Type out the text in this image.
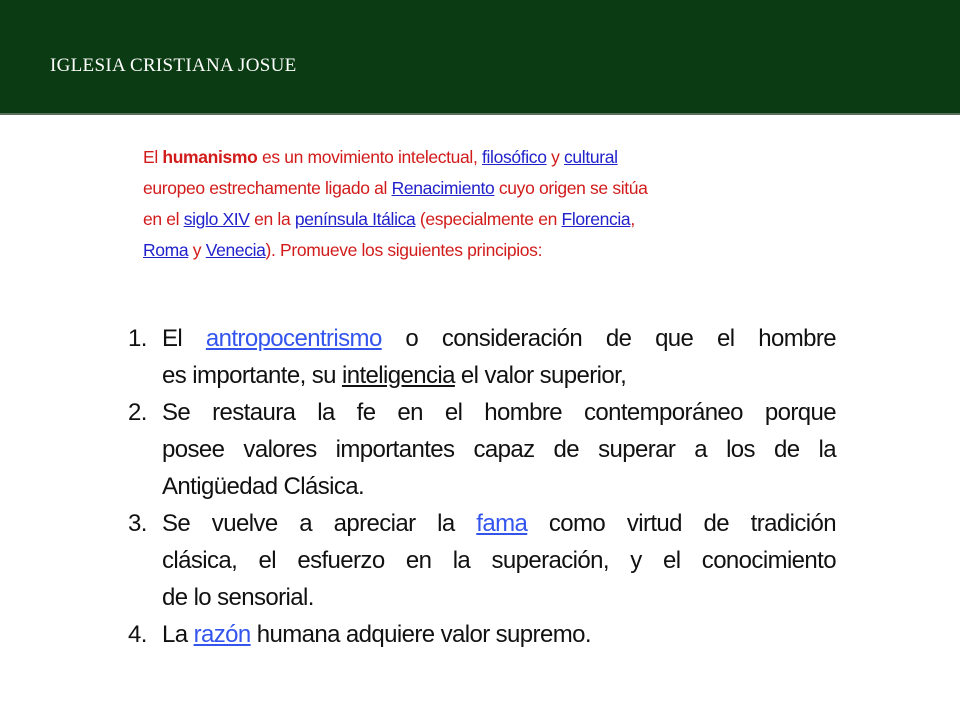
IGLESIA CRISTIANA JOSUE
El humanismo es un movimiento intelectual, filosófico y cultural
europeo estrechamente ligado al Renacimiento cuyo origen se sitúa
en el siglo XIV en la península Itálica (especialmente en Florencia,
Roma y Venecia). Promueve los siguientes principios:
1. El antropocentrismo o consideración de que el hombre
es importante, su inteligencia el valor superior,
2. Se restaura la fe en el hombre contemporáneo porque
posee valores importantes capaz de superar a los de la
Antigüedad Clásica.
3. Se vuelve a apreciar la fama como virtud de tradición
clásica, el esfuerzo en la superación, y el conocimiento
de lo sensorial.
4. La razón humana adquiere valor supremo.
